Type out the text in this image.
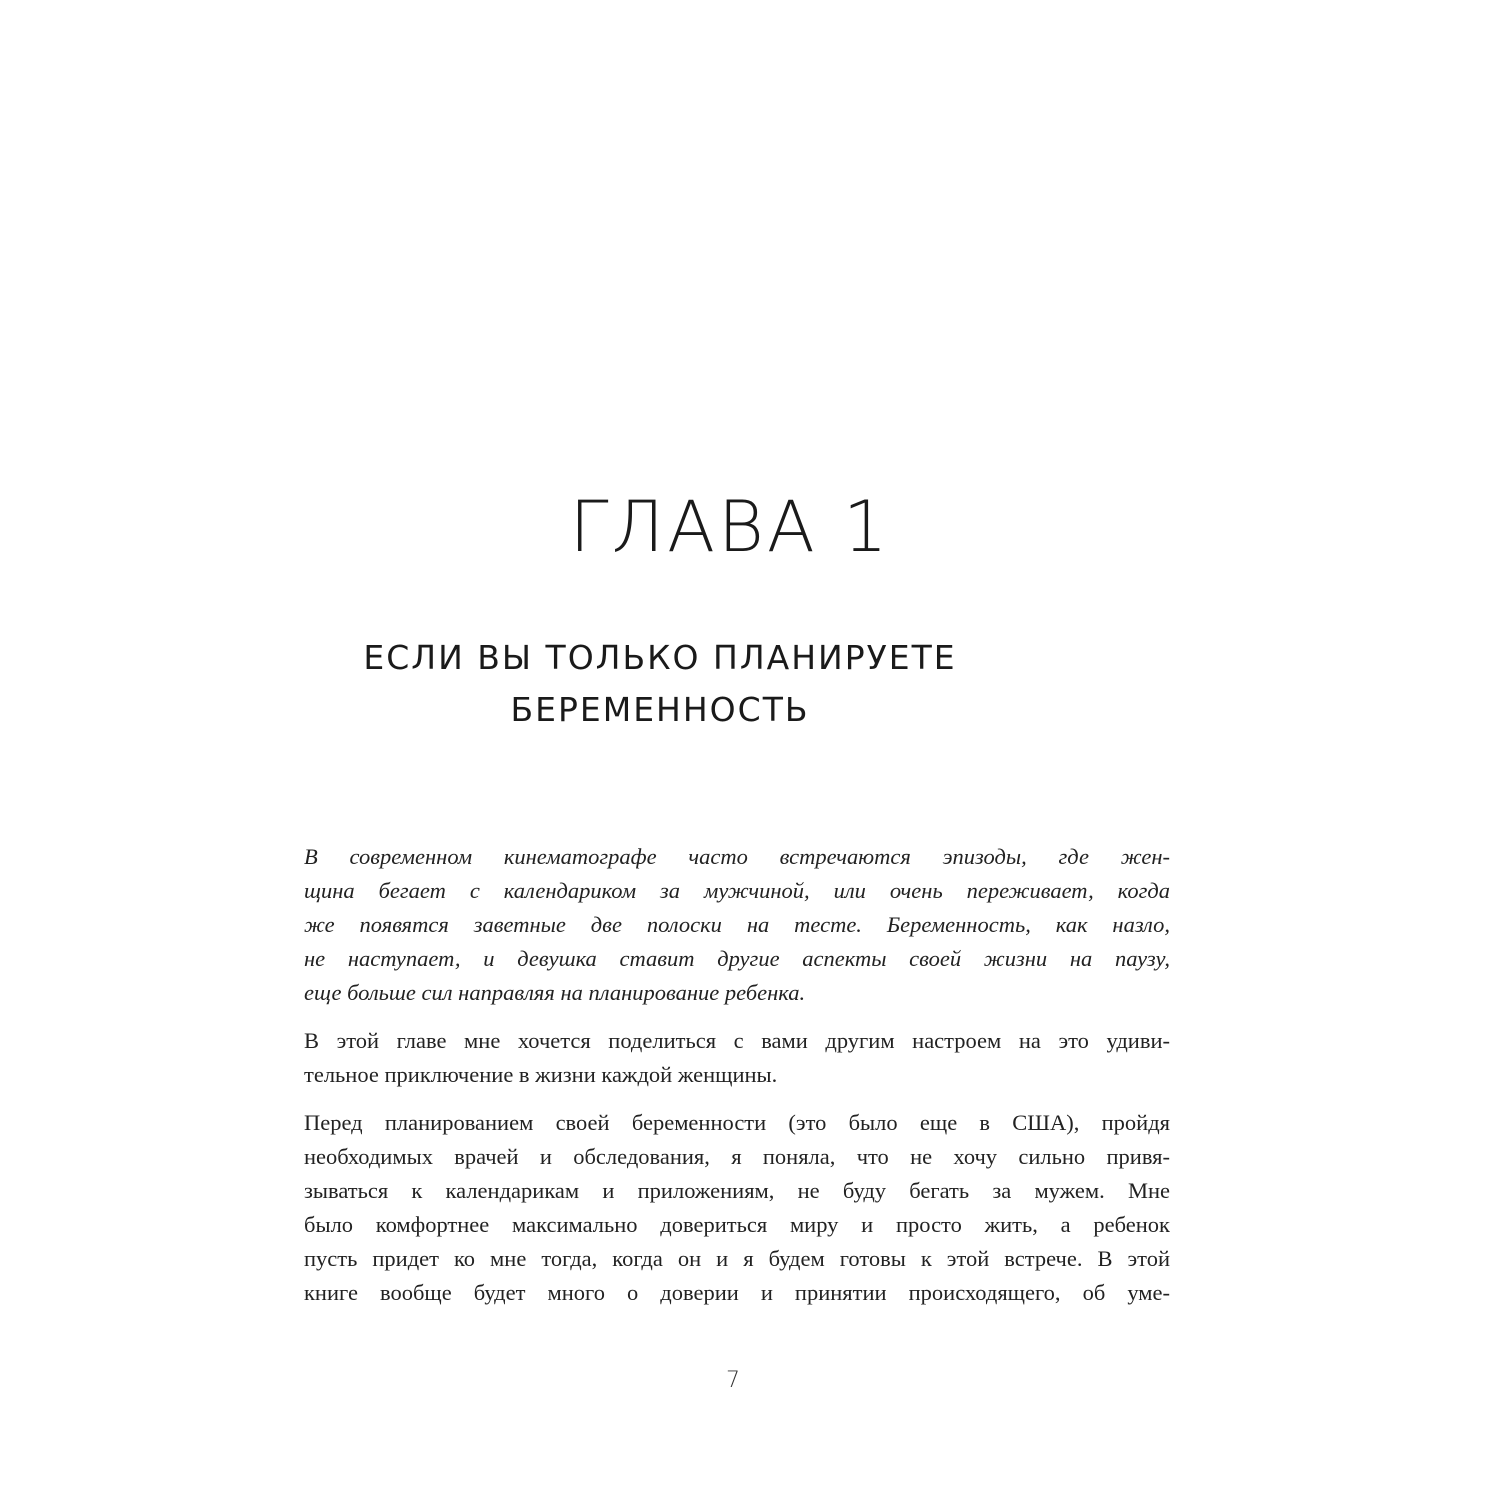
ГЛАВА 1
ЕСЛИ ВЫ ТОЛЬКО ПЛАНИРУЕТЕ
БЕРЕМЕННОСТЬ

В современном кинематографе часто встречаются эпизоды, где жен-
щина бегает с календариком за мужчиной, или очень переживает, когда
же появятся заветные две полоски на тесте. Беременность, как назло,
не наступает, и девушка ставит другие аспекты своей жизни на паузу,
еще больше сил направляя на планирование ребенка.

В этой главе мне хочется поделиться с вами другим настроем на это удиви-
тельное приключение в жизни каждой женщины.

Перед планированием своей беременности (это было еще в США), пройдя
необходимых врачей и обследования, я поняла, что не хочу сильно привя-
зываться к календарикам и приложениям, не буду бегать за мужем. Мне
было комфортнее максимально довериться миру и просто жить, а ребенок
пусть придет ко мне тогда, когда он и я будем готовы к этой встрече. В этой
книге вообще будет много о доверии и принятии происходящего, об уме-

7
